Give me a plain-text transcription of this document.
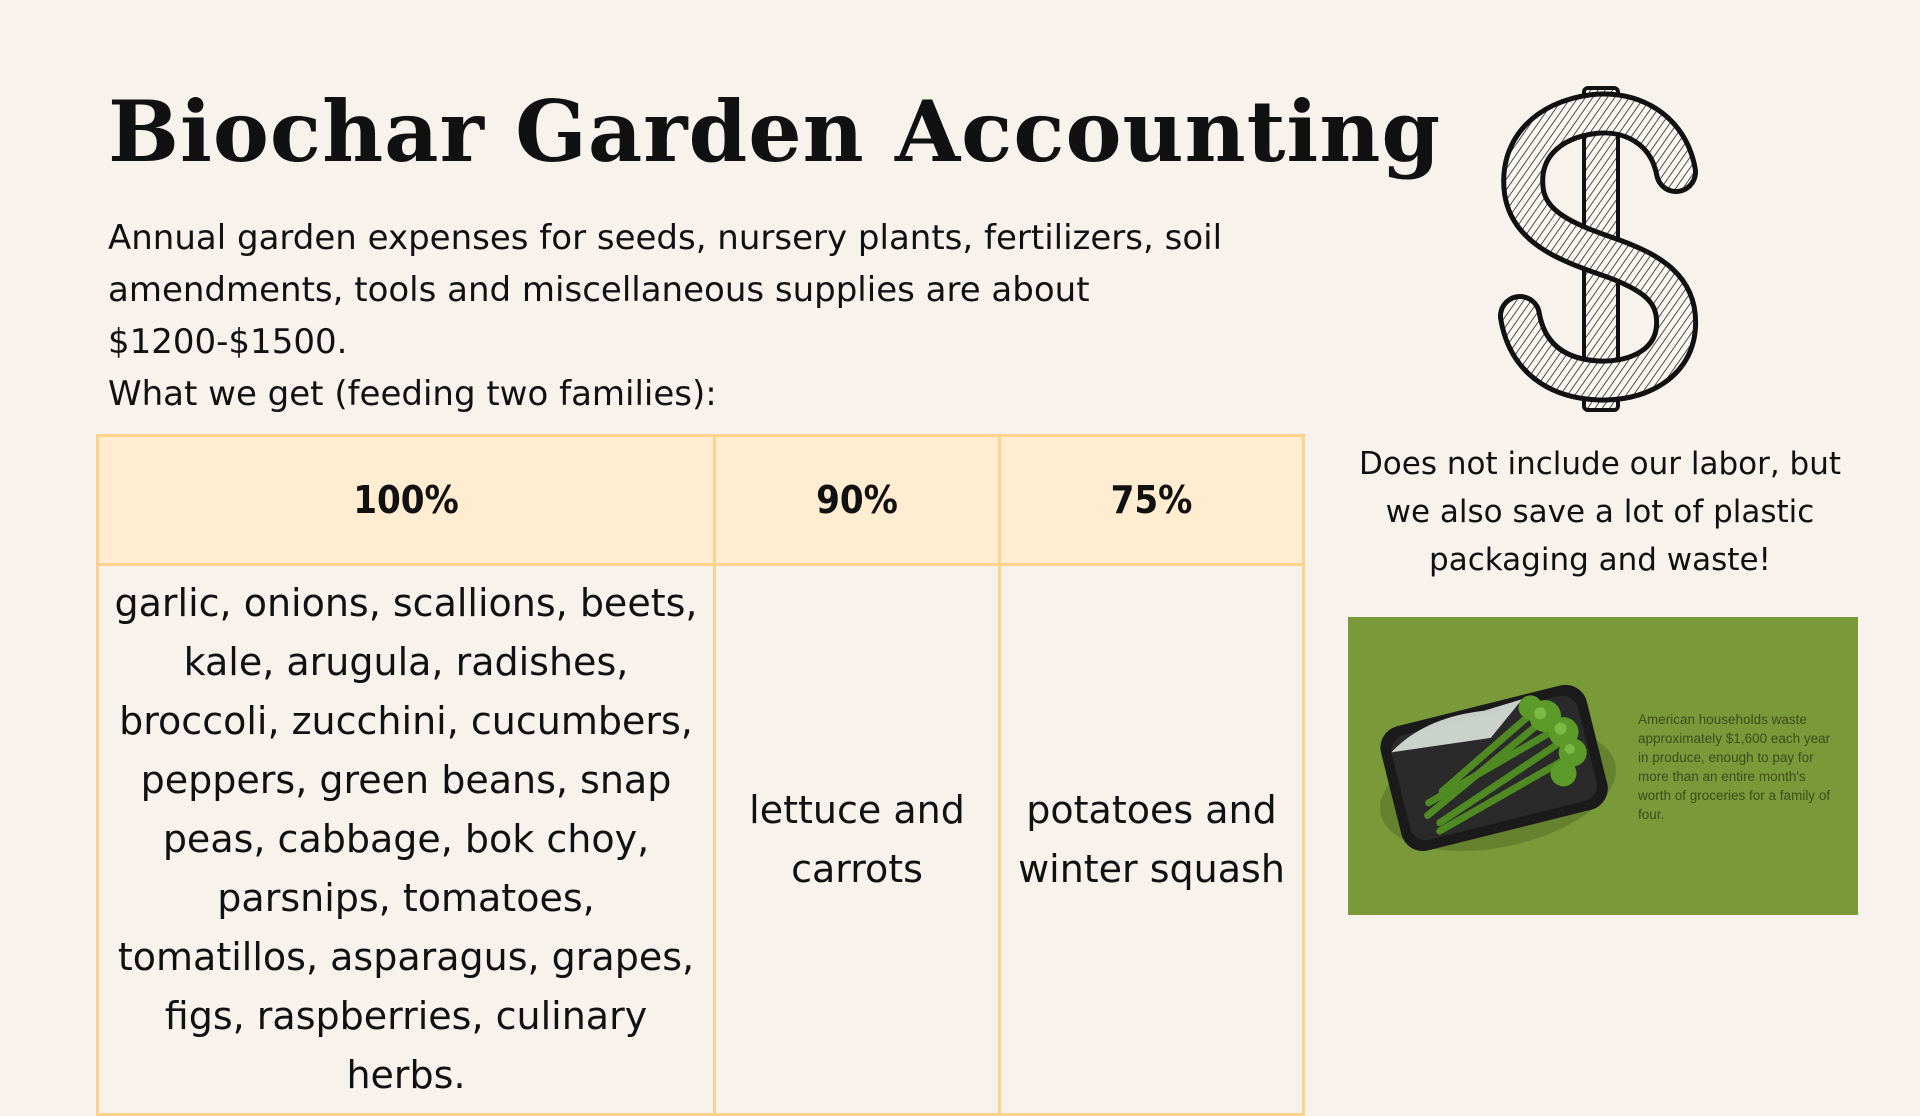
Biochar Garden Accounting

Annual garden expenses for seeds, nursery plants, fertilizers, soil amendments, tools and miscellaneous supplies are about $1200-$1500.

What we get (feeding two families):

100%	90%	75%
garlic, onions, scallions, beets, kale, arugula, radishes, broccoli, zucchini, cucumbers, peppers, green beans, snap peas, cabbage, bok choy, parsnips, tomatoes, tomatillos, asparagus, grapes, figs, raspberries, culinary herbs.	lettuce and carrots	potatoes and winter squash
$
Does not include our labor, but we also save a lot of plastic packaging and waste!
American households waste approximately $1,600 each year in produce, enough to pay for more than an entire month's worth of groceries for a family of four.
